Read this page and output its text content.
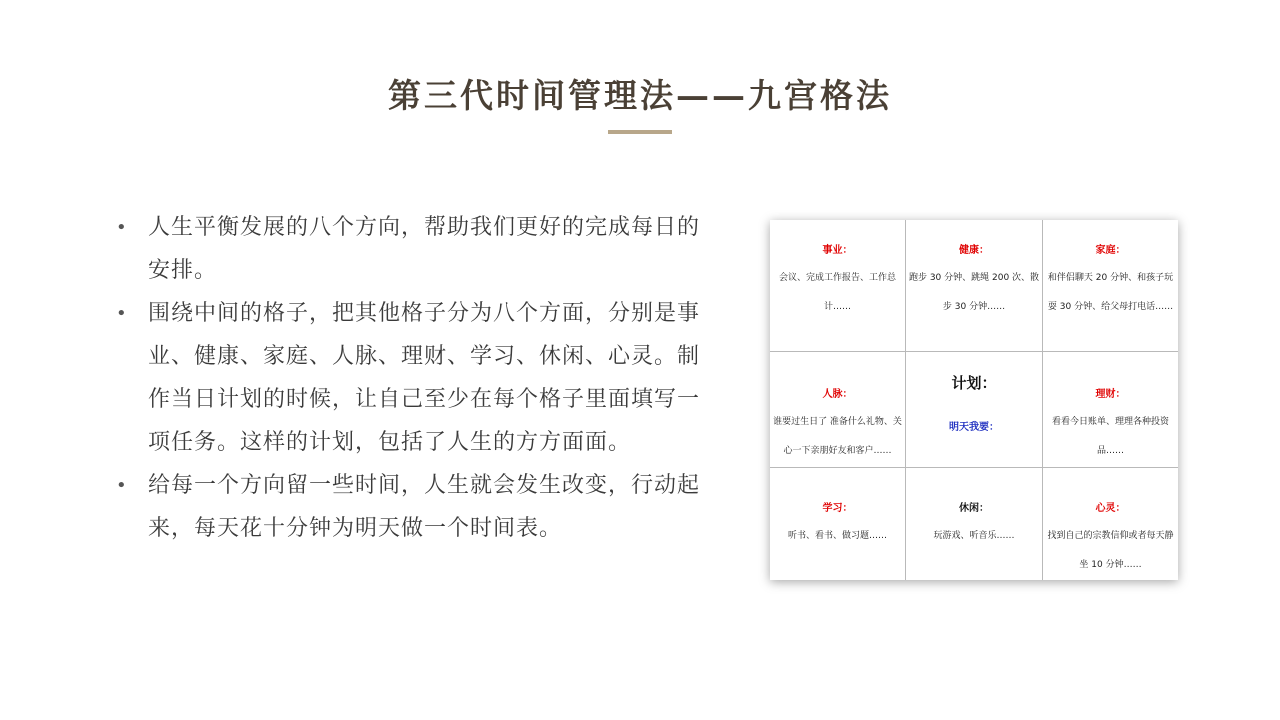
第三代时间管理法——九宫格法
• 人生平衡发展的八个方向，帮助我们更好的完成每日的安排。
• 围绕中间的格子，把其他格子分为八个方面，分别是事业、健康、家庭、人脉、理财、学习、休闲、心灵。制作当日计划的时候，让自己至少在每个格子里面填写一项任务。这样的计划，包括了人生的方方面面。
• 给每一个方向留一些时间，人生就会发生改变，行动起来，每天花十分钟为明天做一个时间表。
事业：
会议、完成工作报告、工作总计……
健康：
跑步 30 分钟、跳绳 200 次、散步 30 分钟……
家庭：
和伴侣聊天 20 分钟、和孩子玩耍 30 分钟、给父母打电话……
人脉：
谁要过生日了 准备什么礼物、关心一下亲朋好友和客户……
计划：
明天我要：
理财：
看看今日账单、理理各种投资品……
学习：
听书、看书、做习题……
休闲：
玩游戏、听音乐……
心灵：
找到自己的宗教信仰或者每天静坐 10 分钟……
